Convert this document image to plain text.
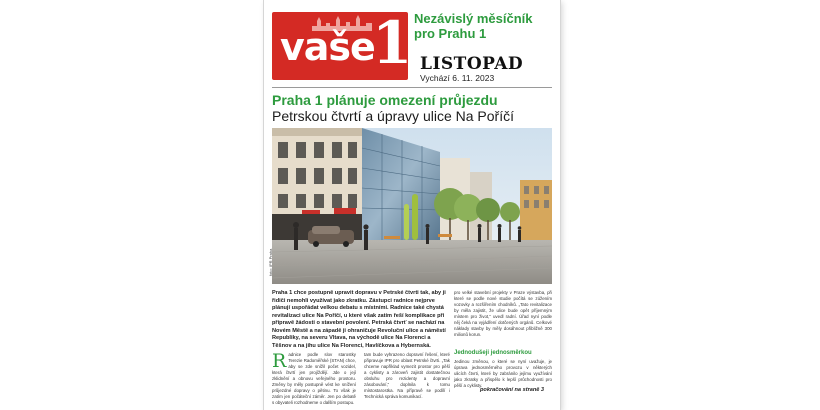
vaše
1 Nezávislý měsíčník
pro Prahu 1
LISTOPAD
Vychází 6. 11. 2023
Praha 1 plánuje omezení průjezdu
Petrskou čtvrtí a úpravy ulice Na Poříčí
foto: IPR Praha
Praha 1 chce postupně upravit dopravu v Petrské čtvrti tak, aby ji řidiči nemohli využívat jako zkratku. Zástupci radnice nejprve plánují uspořádat velkou debatu s místními. Radnice také chystá revitalizaci ulice Na Poříčí, u které však zatím řeší komplikace při přípravě žádosti o stavební povolení. Petrská čtvrť se nachází na Novém Městě a na západě ji ohraničuje Revoluční ulice a náměstí Republiky, na severu Vltava, na východě ulice Na Florenci a Těšnov a na jihu ulice Na Florenci, Havlíčkova a Hybernská.
Radnice podle slov starostky Terezie Radoměřské (STAN) chce, aby se zde snížil počet vozidel, která čtvrtí jen projíždějí. Jde o její zklidnění a obnovu veřejného prostoru. Změny by měly postupně vést ke snížení průjezdné dopravy o pětinu. To však je zatím jen počáteční záměr. Jen po debatě s obyvateli rozhodneme o dalším postupu.
tam bude vyhrazeno dopravní řešení, které připravuje IPR pro oblast Petrské čtvrti. „Tak chceme například vymezit prostor pro pěší a cyklisty a zároveň zajistit dostatečnou obsluhu pro rezidenty a dopravní zásobování,“ doplnila k tomu místostarostka. Na přípravě se podílí i Technická správa komunikací.
pro velké stavební projekty v Praze výstavba, při které se podle nové studie počítá se zúžením vozovky a rozšířením chodníků. „Tato revitalizace by měla zajistit, že ulice bude opět příjemným místem pro život,“ uvedl radní. Úřad nyní podle něj čeká na vyjádření dotčených orgánů. Celkové náklady stavby by měly dosáhnout přibližně 300 milionů korun.
Jednodušeji jednosměrkou
Jedinou změnou, o které se nyní uvažuje, je úprava jednosměrného provozu v některých ulicích čtvrti, které by zabránilo jejímu využívání jako zkratky a přispělo k lepší průchodnosti pro pěší a cyklisty.
pokračování na straně 3
